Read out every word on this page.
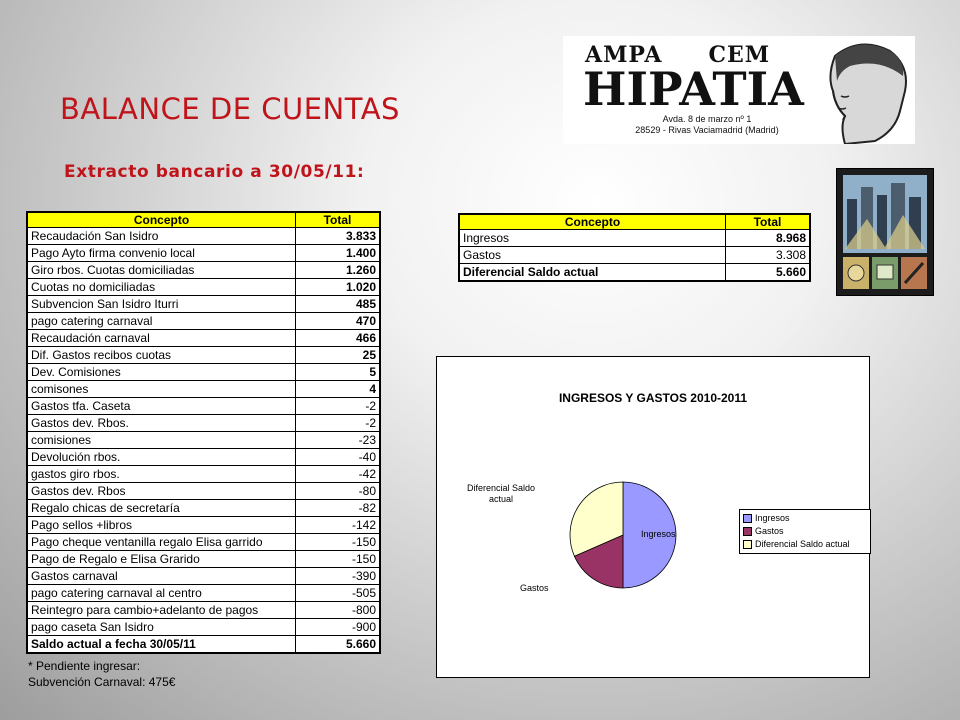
BALANCE DE CUENTAS
Extracto bancario a 30/05/11:
AMPA CEM
HIPATIA
Avda. 8 de marzo nº 1
28529 - Rivas Vaciamadrid (Madrid)
Concepto	Total
Recaudación San Isidro	3.833
Pago Ayto firma convenio local	1.400
Giro rbos. Cuotas domiciliadas	1.260
Cuotas no domiciliadas	1.020
Subvencion San Isidro Iturri	485
pago catering carnaval	470
Recaudación carnaval	466
Dif. Gastos recibos cuotas	25
Dev. Comisiones	5
comisones	4
Gastos tfa. Caseta	-2
Gastos dev. Rbos.	-2
comisiones	-23
Devolución rbos.	-40
gastos giro rbos.	-42
Gastos dev. Rbos	-80
Regalo chicas de secretaría	-82
Pago sellos +libros	-142
Pago cheque ventanilla regalo Elisa garrido	-150
Pago de Regalo e Elisa Grarido	-150
Gastos carnaval	-390
pago catering carnaval al centro	-505
Reintegro para cambio+adelanto de pagos	-800
pago caseta San Isidro	-900
Saldo actual a fecha 30/05/11	5.660
Concepto	Total
Ingresos	8.968
Gastos	3.308
Diferencial Saldo actual	5.660
* Pendiente ingresar:
Subvención Carnaval: 475€
INGRESOS Y GASTOS 2010-2011
Ingresos
Gastos
Diferencial Saldo actual
Ingresos
Gastos
Diferencial Saldo actual
